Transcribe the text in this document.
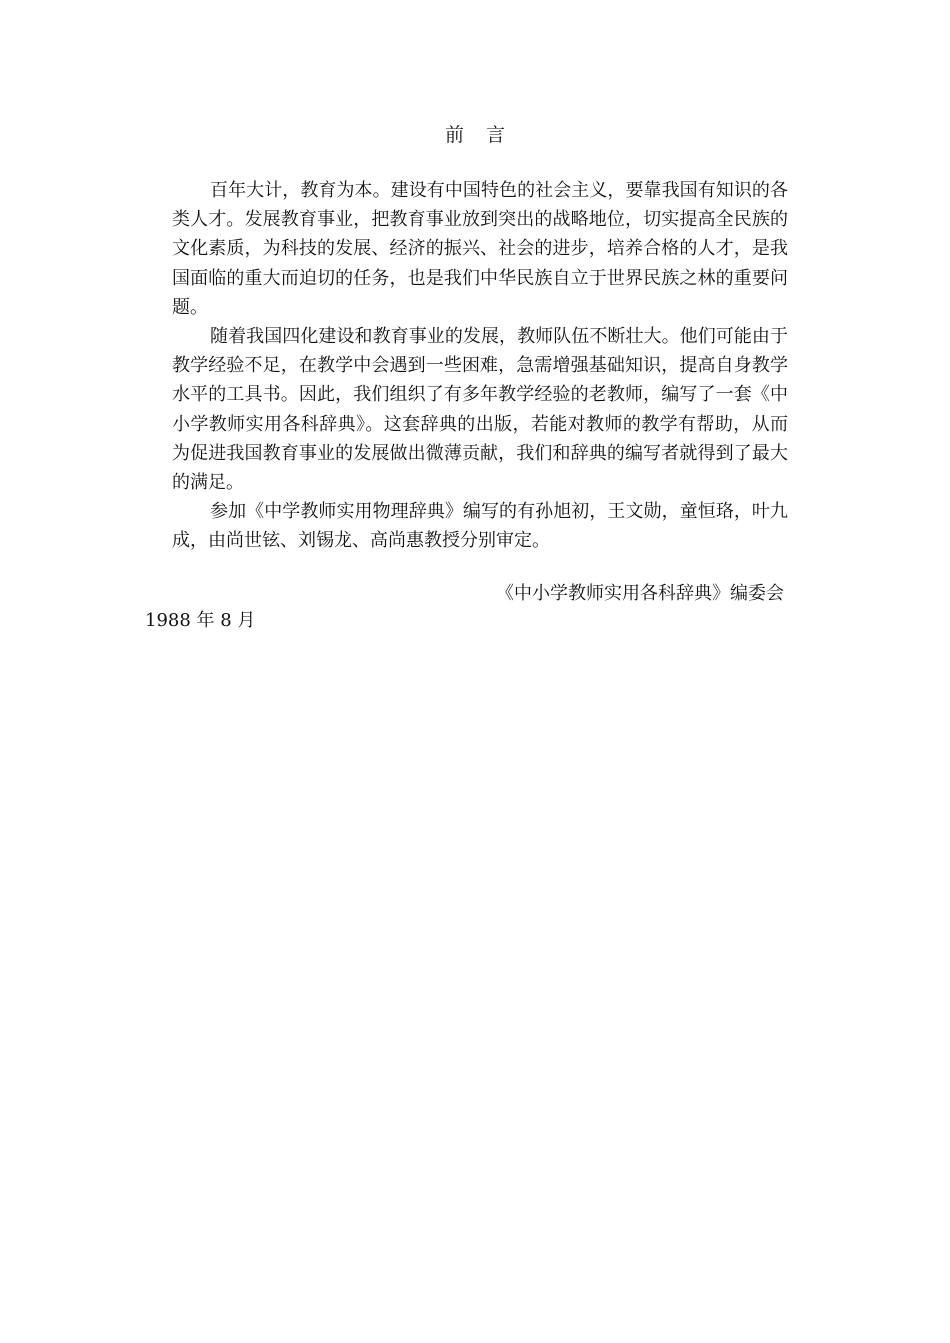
前言

百年大计，教育为本。建设有中国特色的社会主义，要靠我国有知识的各类人才。发展教育事业，把教育事业放到突出的战略地位，切实提高全民族的文化素质，为科技的发展、经济的振兴、社会的进步，培养合格的人才，是我国面临的重大而迫切的任务，也是我们中华民族自立于世界民族之林的重要问题。

随着我国四化建设和教育事业的发展，教师队伍不断壮大。他们可能由于教学经验不足，在教学中会遇到一些困难，急需增强基础知识，提高自身教学水平的工具书。因此，我们组织了有多年教学经验的老教师，编写了一套《中小学教师实用各科辞典》。这套辞典的出版，若能对教师的教学有帮助，从而为促进我国教育事业的发展做出微薄贡献，我们和辞典的编写者就得到了最大的满足。

参加《中学教师实用物理辞典》编写的有孙旭初，王文勋，童恒珞，叶九成，由尚世铉、刘锡龙、高尚惠教授分别审定。

《中小学教师实用各科辞典》编委会
1988 年 8 月
